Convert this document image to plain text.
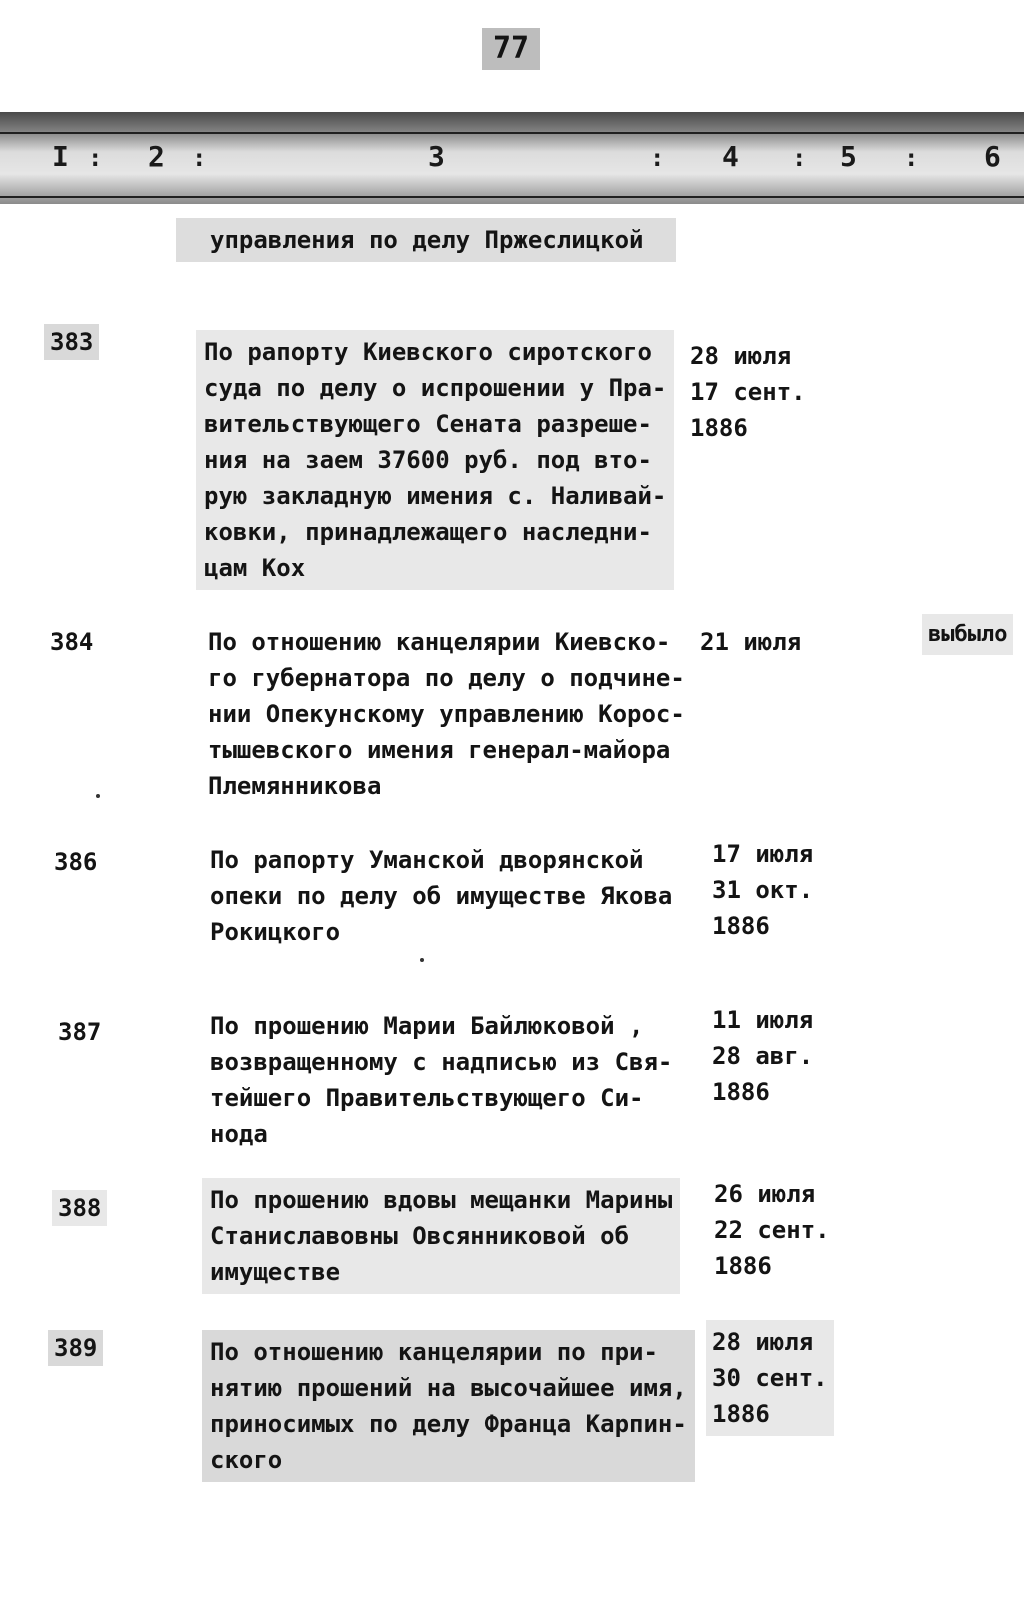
77
I : 2 :	3	: 4 : 5 : 6
управления по делу Пржеслицкой
383	По рапорту Киевского сиротского
суда по делу о испрошении у Пра-
вительствующего Сената разреше-
ния на заем 37600 руб. под вто-
рую закладную имения с. Наливай-
ковки, принадлежащего наследни-
цам Кох
28 июля
17 сент.
1886
384	По отношению канцелярии Киевско-
го губернатора по делу о подчине-
нии Опекунскому управлению Корос-
тышевского имения генерал-майора
Племянникова
21 июля	выбыло
386	По рапорту Уманской дворянской
опеки по делу об имуществе Якова
Рокицкого
17 июля
31 окт.
1886
387	По прошению Марии Байлюковой ,
возвращенному с надписью из Свя-
тейшего Правительствующего Си-
нода
11 июля
28 авг.
1886
388	По прошению вдовы мещанки Марины
Станиславовны Овсянниковой об
имуществе
26 июля
22 сент.
1886
389	По отношению канцелярии по при-
нятию прошений на высочайшее имя,
приносимых по делу Франца Карпин-
ского
28 июля
30 сент.
1886
